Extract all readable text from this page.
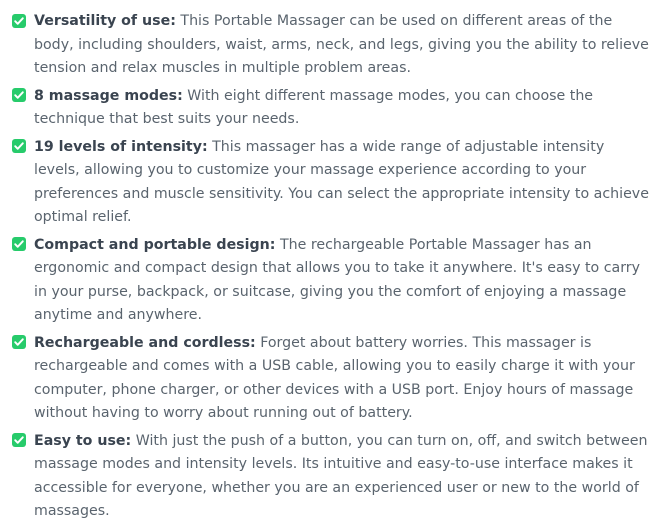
Versatility of use: This Portable Massager can be used on different areas of the body, including shoulders, waist, arms, neck, and legs, giving you the ability to relieve tension and relax muscles in multiple problem areas.
8 massage modes: With eight different massage modes, you can choose the technique that best suits your needs.
19 levels of intensity: This massager has a wide range of adjustable intensity levels, allowing you to customize your massage experience according to your preferences and muscle sensitivity. You can select the appropriate intensity to achieve optimal relief.
Compact and portable design: The rechargeable Portable Massager has an ergonomic and compact design that allows you to take it anywhere. It's easy to carry in your purse, backpack, or suitcase, giving you the comfort of enjoying a massage anytime and anywhere.
Rechargeable and cordless: Forget about battery worries. This massager is rechargeable and comes with a USB cable, allowing you to easily charge it with your computer, phone charger, or other devices with a USB port. Enjoy hours of massage without having to worry about running out of battery.
Easy to use: With just the push of a button, you can turn on, off, and switch between massage modes and intensity levels. Its intuitive and easy-to-use interface makes it accessible for everyone, whether you are an experienced user or new to the world of massages.
